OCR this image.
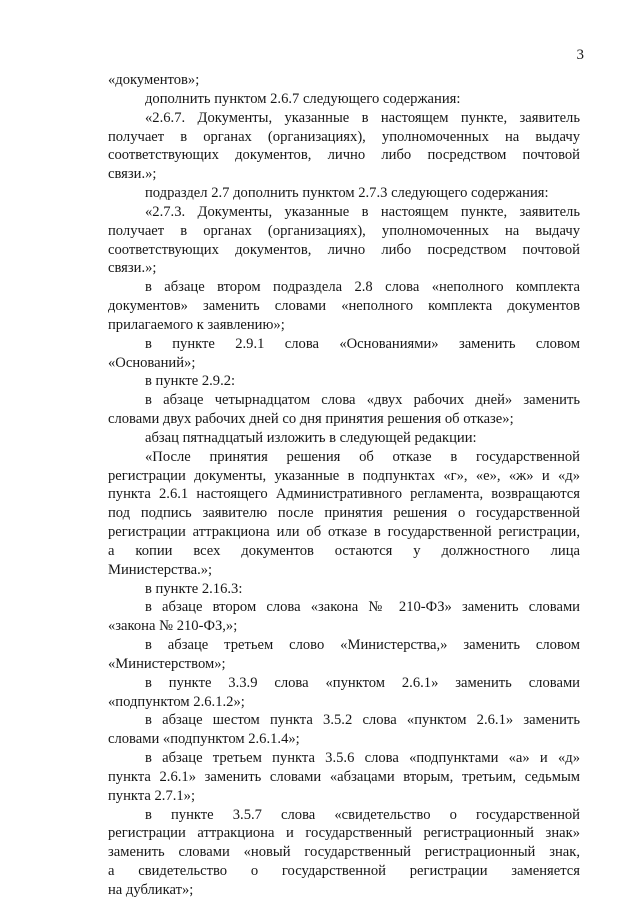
3
«документов»;
дополнить пунктом 2.6.7 следующего содержания:
«2.6.7. Документы, указанные в настоящем пункте, заявитель
получает в органах (организациях), уполномоченных на выдачу
соответствующих документов, лично либо посредством почтовой
связи.»;
подраздел 2.7 дополнить пунктом 2.7.3 следующего содержания:
«2.7.3. Документы, указанные в настоящем пункте, заявитель
получает в органах (организациях), уполномоченных на выдачу
соответствующих документов, лично либо посредством почтовой
связи.»;
в абзаце втором подраздела 2.8 слова «неполного комплекта
документов» заменить словами «неполного комплекта документов
прилагаемого к заявлению»;
в пункте 2.9.1 слова «Основаниями» заменить словом
«Оснований»;
в пункте 2.9.2:
в абзаце четырнадцатом слова «двух рабочих дней» заменить
словами двух рабочих дней со дня принятия решения об отказе»;
абзац пятнадцатый изложить в следующей редакции:
«После принятия решения об отказе в государственной
регистрации документы, указанные в подпунктах «г», «е», «ж» и «д»
пункта 2.6.1 настоящего Административного регламента, возвращаются
под подпись заявителю после принятия решения о государственной
регистрации аттракциона или об отказе в государственной регистрации,
а копии всех документов остаются у должностного лица
Министерства.»;
в пункте 2.16.3:
в абзаце втором слова «закона № 210-ФЗ» заменить словами
«закона № 210-ФЗ,»;
в абзаце третьем слово «Министерства,» заменить словом
«Министерством»;
в пункте 3.3.9 слова «пунктом 2.6.1» заменить словами
«подпунктом 2.6.1.2»;
в абзаце шестом пункта 3.5.2 слова «пунктом 2.6.1» заменить
словами «подпунктом 2.6.1.4»;
в абзаце третьем пункта 3.5.6 слова «подпунктами «а» и «д»
пункта 2.6.1» заменить словами «абзацами вторым, третьим, седьмым
пункта 2.7.1»;
в пункте 3.5.7 слова «свидетельство о государственной
регистрации аттракциона и государственный регистрационный знак»
заменить словами «новый государственный регистрационный знак,
а свидетельство о государственной регистрации заменяется
на дубликат»;
